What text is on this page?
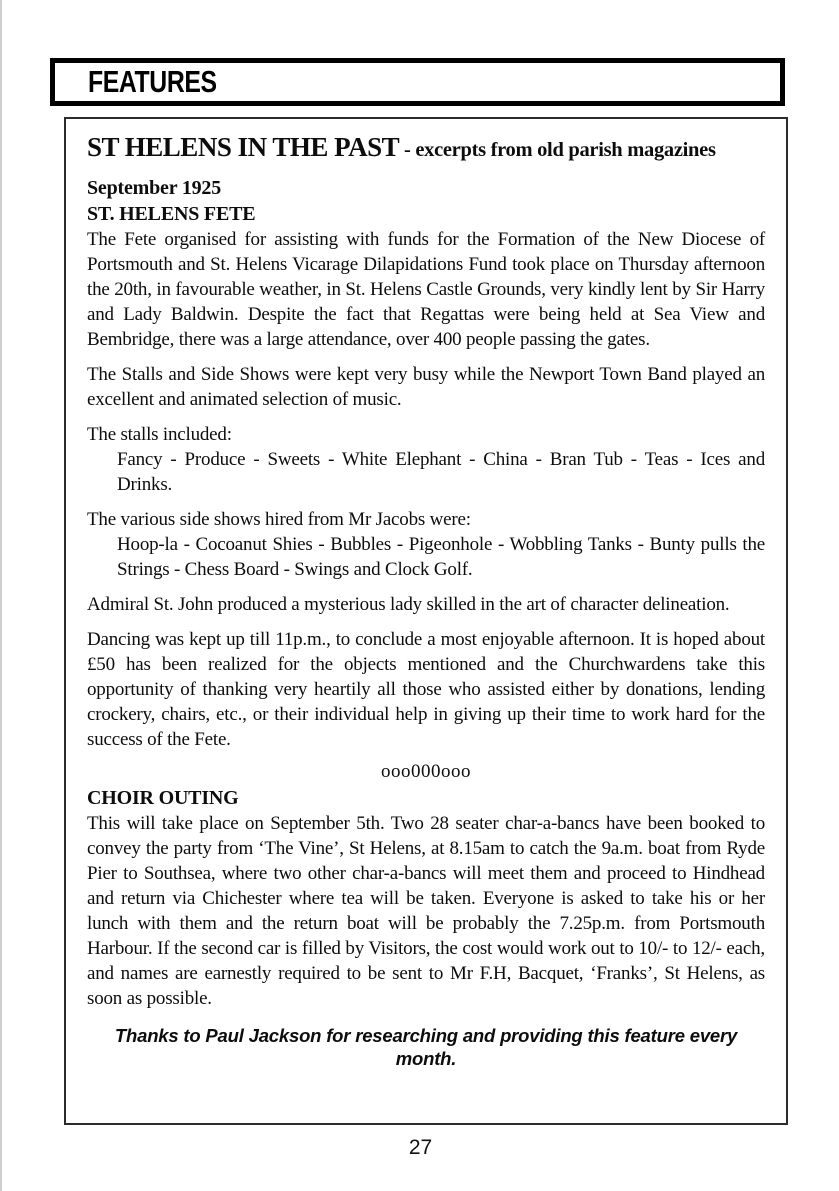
FEATURES
ST HELENS IN THE PAST - excerpts from old parish magazines

September 1925

ST. HELENS FETE

The Fete organised for assisting with funds for the Formation of the New Diocese of Portsmouth and St. Helens Vicarage Dilapidations Fund took place on Thursday afternoon the 20th, in favourable weather, in St. Helens Castle Grounds, very kindly lent by Sir Harry and Lady Baldwin. Despite the fact that Regattas were being held at Sea View and Bembridge, there was a large attendance, over 400 people passing the gates.

The Stalls and Side Shows were kept very busy while the Newport Town Band played an excellent and animated selection of music.

The stalls included:

Fancy - Produce - Sweets - White Elephant - China - Bran Tub - Teas - Ices and Drinks.

The various side shows hired from Mr Jacobs were:

Hoop-la - Cocoanut Shies - Bubbles - Pigeonhole - Wobbling Tanks - Bunty pulls the Strings - Chess Board - Swings and Clock Golf.

Admiral St. John produced a mysterious lady skilled in the art of character delineation.

Dancing was kept up till 11p.m., to conclude a most enjoyable afternoon. It is hoped about £50 has been realized for the objects mentioned and the Churchwardens take this opportunity of thanking very heartily all those who assisted either by donations, lending crockery, chairs, etc., or their individual help in giving up their time to work hard for the success of the Fete.

ooo000ooo

CHOIR OUTING

This will take place on September 5th. Two 28 seater char-a-bancs have been booked to convey the party from ‘The Vine’, St Helens, at 8.15am to catch the 9a.m. boat from Ryde Pier to Southsea, where two other char-a-bancs will meet them and proceed to Hindhead and return via Chichester where tea will be taken. Everyone is asked to take his or her lunch with them and the return boat will be probably the 7.25p.m. from Portsmouth Harbour. If the second car is filled by Visitors, the cost would work out to 10/- to 12/- each, and names are earnestly required to be sent to Mr F.H, Bacquet, ‘Franks’, St Helens, as soon as possible.

Thanks to Paul Jackson for researching and providing this feature every month.

27
